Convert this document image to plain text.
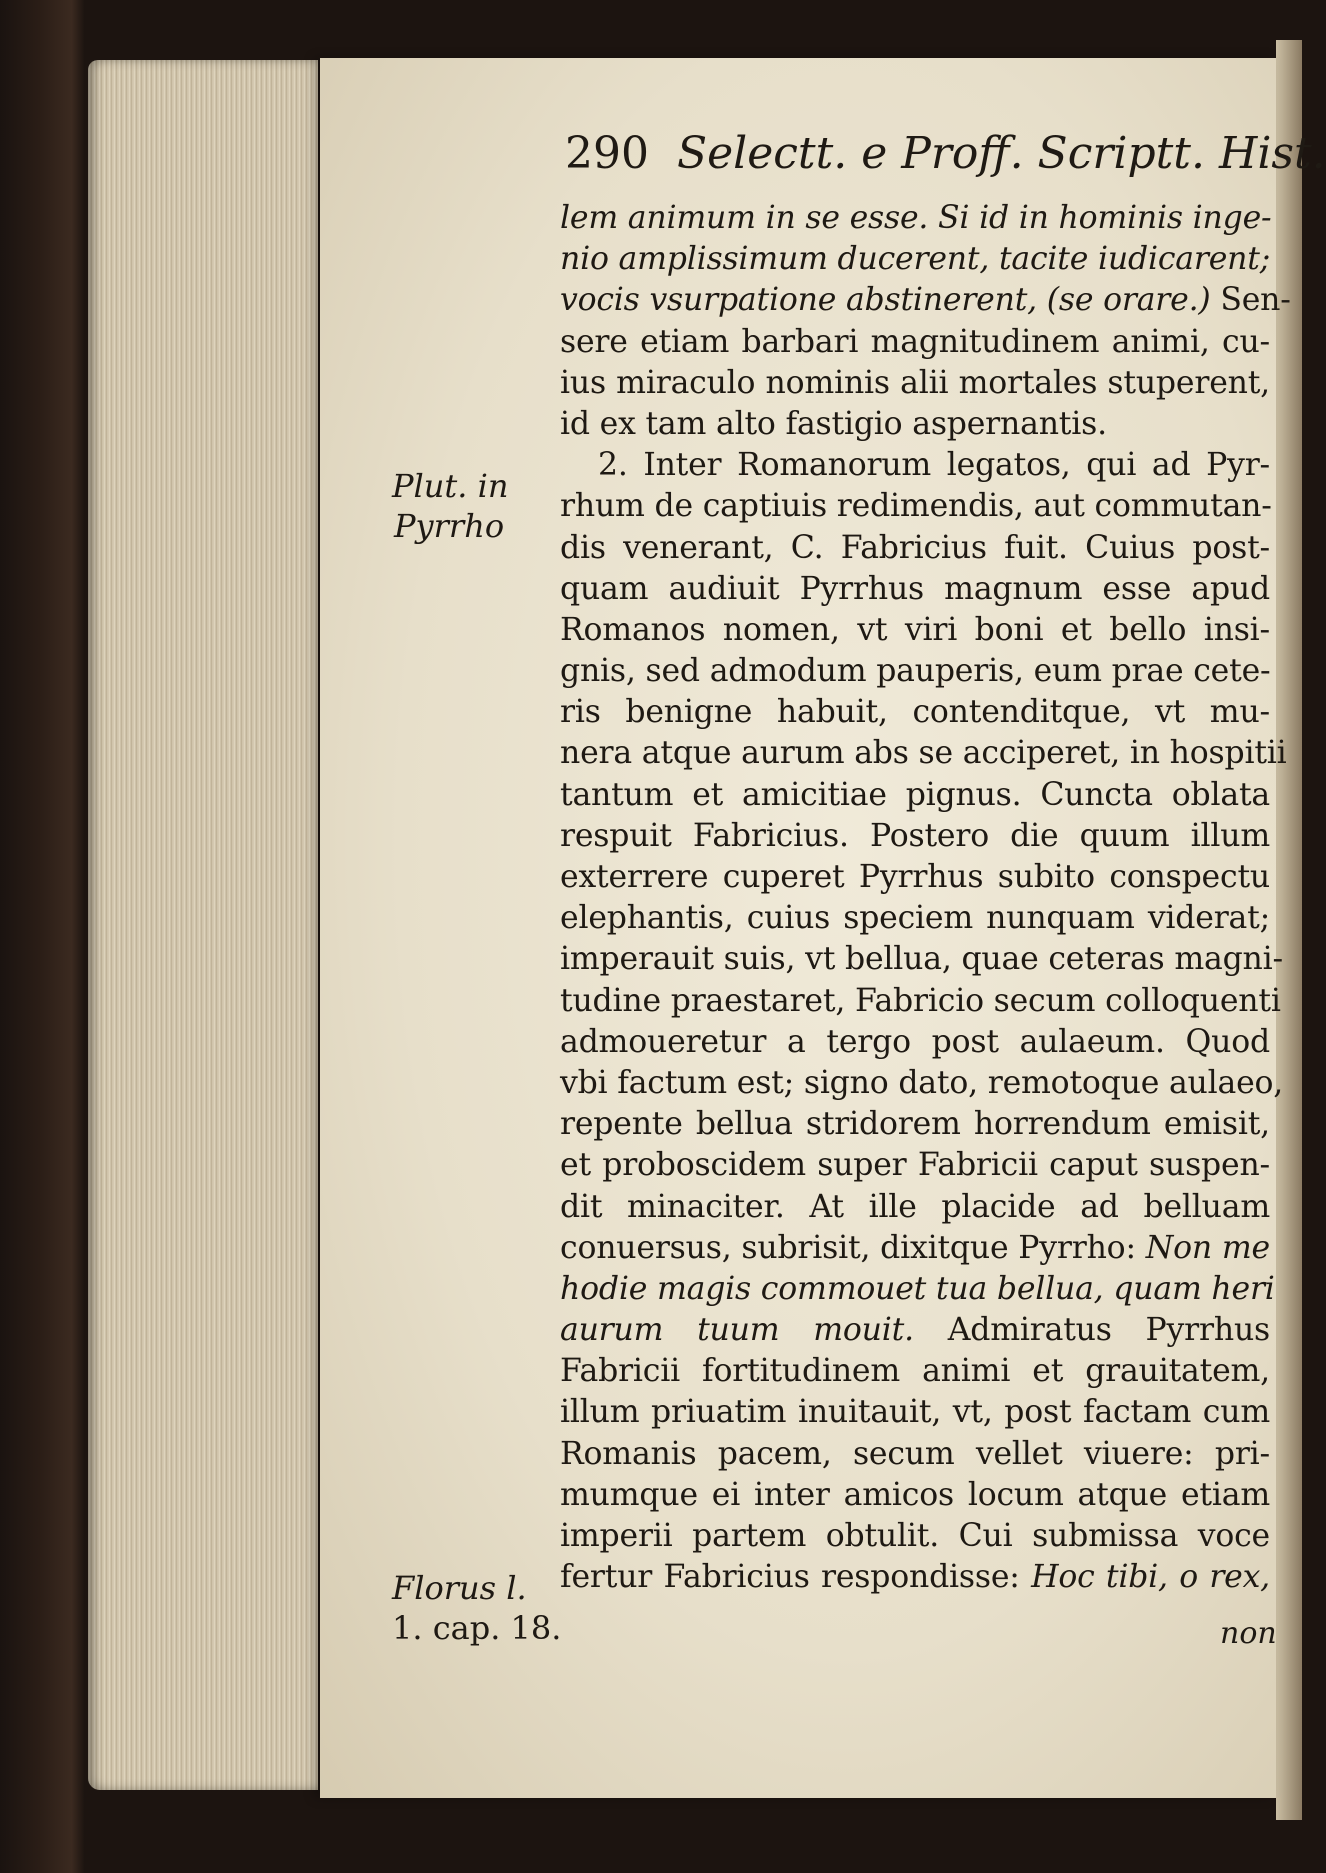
290 Selectt. e Proff. Scriptt. Hist.
Plut. in
Pyrrho
Florus l.
1. cap. 18.
lem animum in se esse. Si id in hominis inge-
nio amplissimum ducerent, tacite iudicarent;
vocis vsurpatione abstinerent, (se orare.) Sen-
sere etiam barbari magnitudinem animi, cu-
ius miraculo nominis alii mortales stuperent,
id ex tam alto fastigio aspernantis.
2. Inter Romanorum legatos, qui ad Pyr-
rhum de captiuis redimendis, aut commutan-
dis venerant, C. Fabricius fuit. Cuius post-
quam audiuit Pyrrhus magnum esse apud
Romanos nomen, vt viri boni et bello insi-
gnis, sed admodum pauperis, eum prae cete-
ris benigne habuit, contenditque, vt mu-
nera atque aurum abs se acciperet, in hospitii
tantum et amicitiae pignus. Cuncta oblata
respuit Fabricius. Postero die quum illum
exterrere cuperet Pyrrhus subito conspectu
elephantis, cuius speciem nunquam viderat;
imperauit suis, vt bellua, quae ceteras magni-
tudine praestaret, Fabricio secum colloquenti
admoueretur a tergo post aulaeum. Quod
vbi factum est; signo dato, remotoque aulaeo,
repente bellua stridorem horrendum emisit,
et proboscidem super Fabricii caput suspen-
dit minaciter. At ille placide ad belluam
conuersus, subrisit, dixitque Pyrrho: Non me
hodie magis commouet tua bellua, quam heri
aurum tuum mouit. Admiratus Pyrrhus
Fabricii fortitudinem animi et grauitatem,
illum priuatim inuitauit, vt, post factam cum
Romanis pacem, secum vellet viuere: pri-
mumque ei inter amicos locum atque etiam
imperii partem obtulit. Cui submissa voce
fertur Fabricius respondisse: Hoc tibi, o rex,
non
